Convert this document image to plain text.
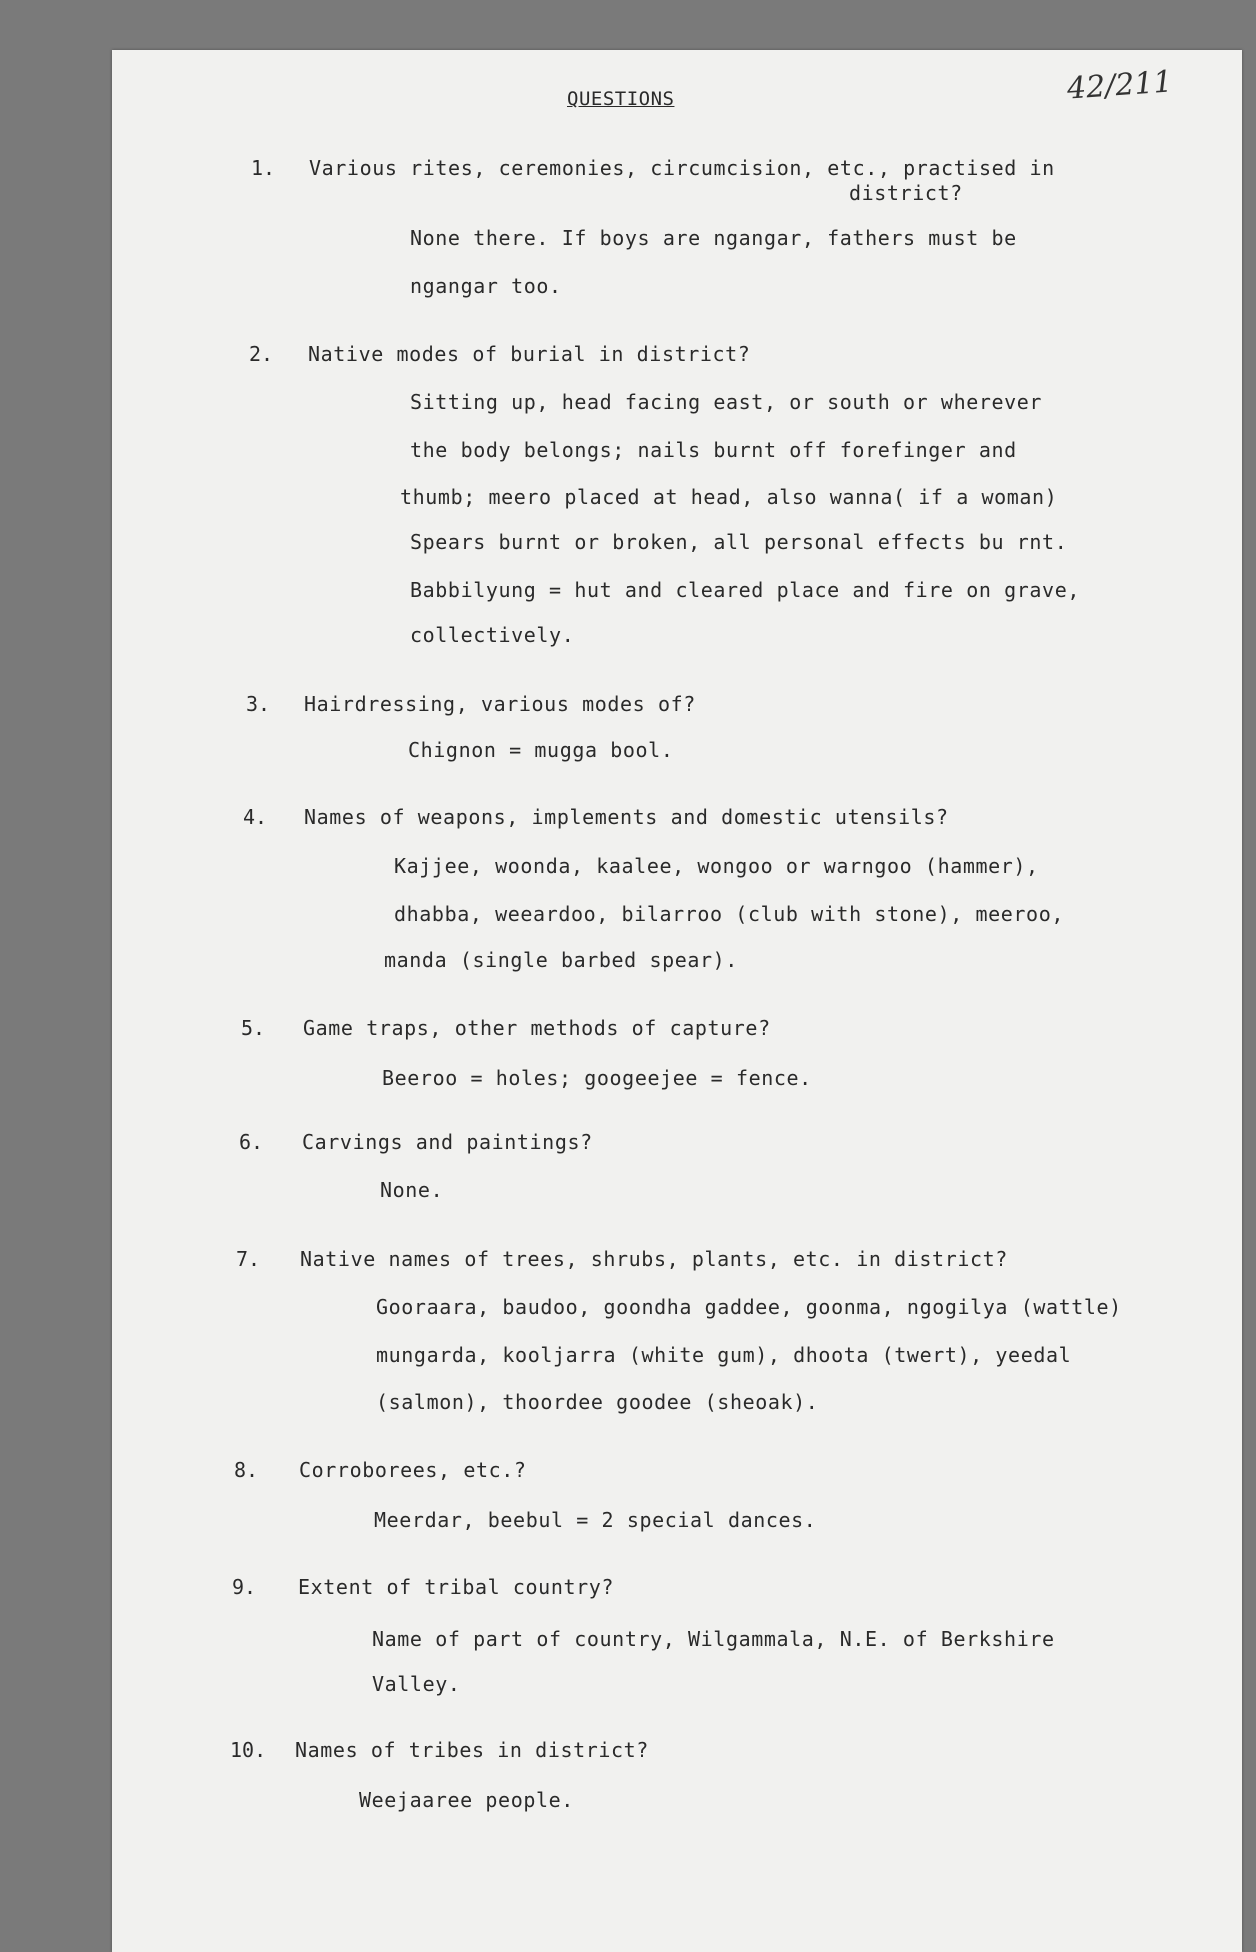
42/211
QUESTIONS
1. Various rites, ceremonies, circumcision, etc., practised in
district?
None there. If boys are ngangar, fathers must be
ngangar too.
2. Native modes of burial in district?
Sitting up, head facing east, or south or wherever
the body belongs; nails burnt off forefinger and
thumb; meero placed at head, also wanna( if a woman)
Spears burnt or broken, all personal effects bu rnt.
Babbilyung = hut and cleared place and fire on grave,
collectively.
3. Hairdressing, various modes of?
Chignon = mugga bool.
4. Names of weapons, implements and domestic utensils?
Kajjee, woonda, kaalee, wongoo or warngoo (hammer),
dhabba, weeardoo, bilarroo (club with stone), meeroo,
manda (single barbed spear).
5. Game traps, other methods of capture?
Beeroo = holes; googeejee = fence.
6. Carvings and paintings?
None.
7. Native names of trees, shrubs, plants, etc. in district?
Gooraara, baudoo, goondha gaddee, goonma, ngogilya (wattle)
mungarda, kooljarra (white gum), dhoota (twert), yeedal
(salmon), thoordee goodee (sheoak).
8. Corroborees, etc.?
Meerdar, beebul = 2 special dances.
9. Extent of tribal country?
Name of part of country, Wilgammala, N.E. of Berkshire
Valley.
10. Names of tribes in district?
Weejaaree people.
